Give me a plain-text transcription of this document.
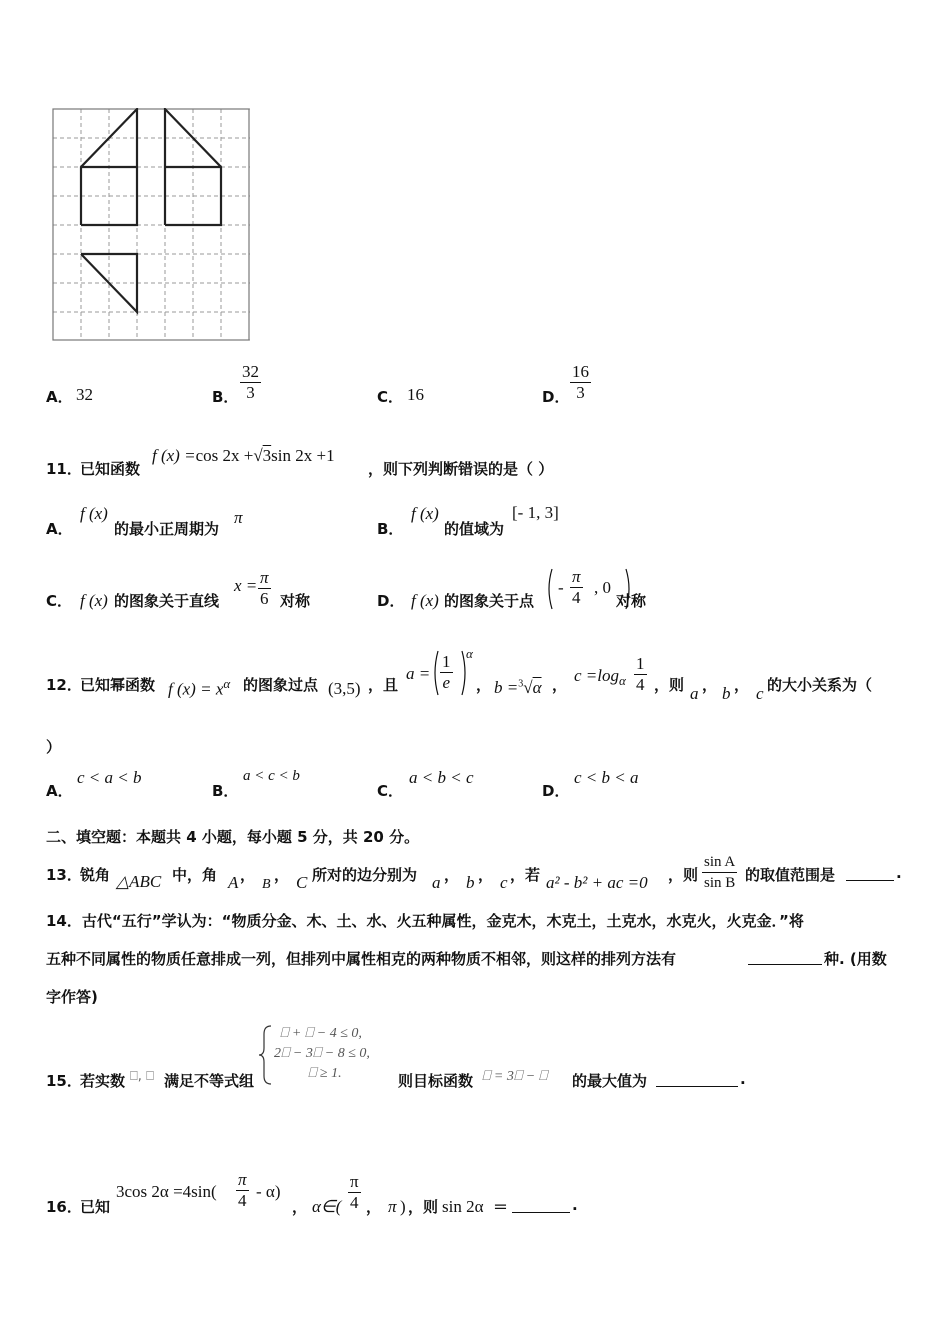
A． 32	B． $\frac{32}{3}$	C． 16	D． $\frac{16}{3}$
11．
已知函数
f (x) =cos 2x +√3sin 2x +1
，则下列判断错误的是（ ）
A．
f (x)
的最小正周期为
π
B．
f (x)
的值域为
[- 1, 3]
C． f (x) 的图象关于直线
$x = \frac{\pi}{6}$ 对称	D． f (x) 的图象关于点
- $\frac{\pi}{4}$ , 0
对称
12．
已知幂函数 f $(x) = x^\alpha$ 的图象过点 (3,5) ，且
$a = \frac{1}{e}$ α
， b =$^3$√α ， $c =\log_\alpha \frac{1}{4}$ ，则 a ， b ， c 的大小关系为（
）
A．
c < a < b
B．
a < c < b
C．
a < b < c
D．
c < b < a
二、填空题：本题共 4 小题，每小题 5 分，共 20 分。
13．
锐角 △ABC 中，角 A ，
B
， C 所对的边分别为 a ， b ， c ，若 a² - b² + ac =0 ，则 $\frac{\text{sin A}}{\text{sin B}}$ 的取值范围是	.
14．古代“五行”学认为：“物质分金、木、土、水、火五种属性，金克木，木克土，土克水，水克火，火克金．”将
五种不同属性的物质任意排成一列，但排列中属性相克的两种物质不相邻，则这样的排列方法有	种. (用数
字作答)
15．
若实数 ⎕, ⎕ 满足不等式组
⎕ + ⎕ − 4 ≤ 0,
2⎕ − 3⎕ − 8 ≤ 0,
⎕ ≥ 1.	则目标函数 ⎕ = 3⎕ − ⎕ 的最大值为	.
16．
已知
3cos $2\alpha =4\sin( \frac{\pi}{4} - \alpha)$
， α∈( $\frac{\pi}{4}$ ， π ) ，则 sin 2α ＝	.
